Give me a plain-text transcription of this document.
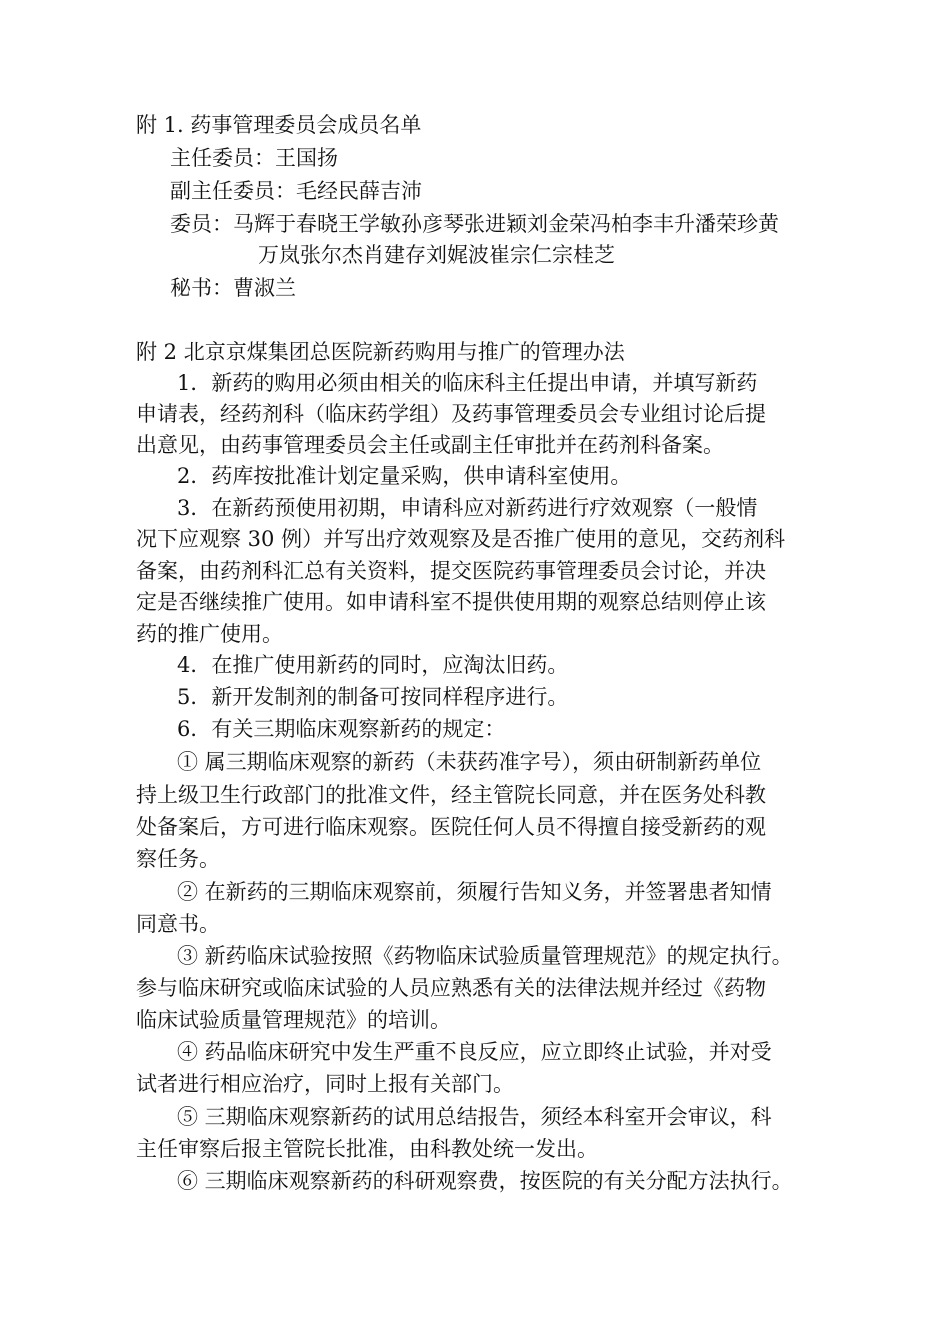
附 1. 药事管理委员会成员名单
主任委员：王国扬
副主任委员：毛经民薛吉沛
委员：马辉于春晓王学敏孙彦琴张进颖刘金荣冯柏李丰升潘荣珍黄
万岚张尔杰肖建存刘娓波崔宗仁宗桂芝
秘书：曹淑兰
附 2 北京京煤集团总医院新药购用与推广的管理办法
1．新药的购用必须由相关的临床科主任提出申请，并填写新药
申请表，经药剂科（临床药学组）及药事管理委员会专业组讨论后提
出意见，由药事管理委员会主任或副主任审批并在药剂科备案。
2．药库按批准计划定量采购，供申请科室使用。
3．在新药预使用初期，申请科应对新药进行疗效观察（一般情
况下应观察 30 例）并写出疗效观察及是否推广使用的意见，交药剂科
备案，由药剂科汇总有关资料，提交医院药事管理委员会讨论，并决
定是否继续推广使用。如申请科室不提供使用期的观察总结则停止该
药的推广使用。
4．在推广使用新药的同时，应淘汰旧药。
5．新开发制剂的制备可按同样程序进行。
6．有关三期临床观察新药的规定：
① 属三期临床观察的新药（未获药准字号），须由研制新药单位
持上级卫生行政部门的批准文件，经主管院长同意，并在医务处科教
处备案后，方可进行临床观察。医院任何人员不得擅自接受新药的观
察任务。
② 在新药的三期临床观察前，须履行告知义务，并签署患者知情
同意书。
③ 新药临床试验按照《药物临床试验质量管理规范》的规定执行。
参与临床研究或临床试验的人员应熟悉有关的法律法规并经过《药物
临床试验质量管理规范》的培训。
④ 药品临床研究中发生严重不良反应，应立即终止试验，并对受
试者进行相应治疗，同时上报有关部门。
⑤ 三期临床观察新药的试用总结报告，须经本科室开会审议，科
主任审察后报主管院长批准，由科教处统一发出。
⑥ 三期临床观察新药的科研观察费，按医院的有关分配方法执行。
